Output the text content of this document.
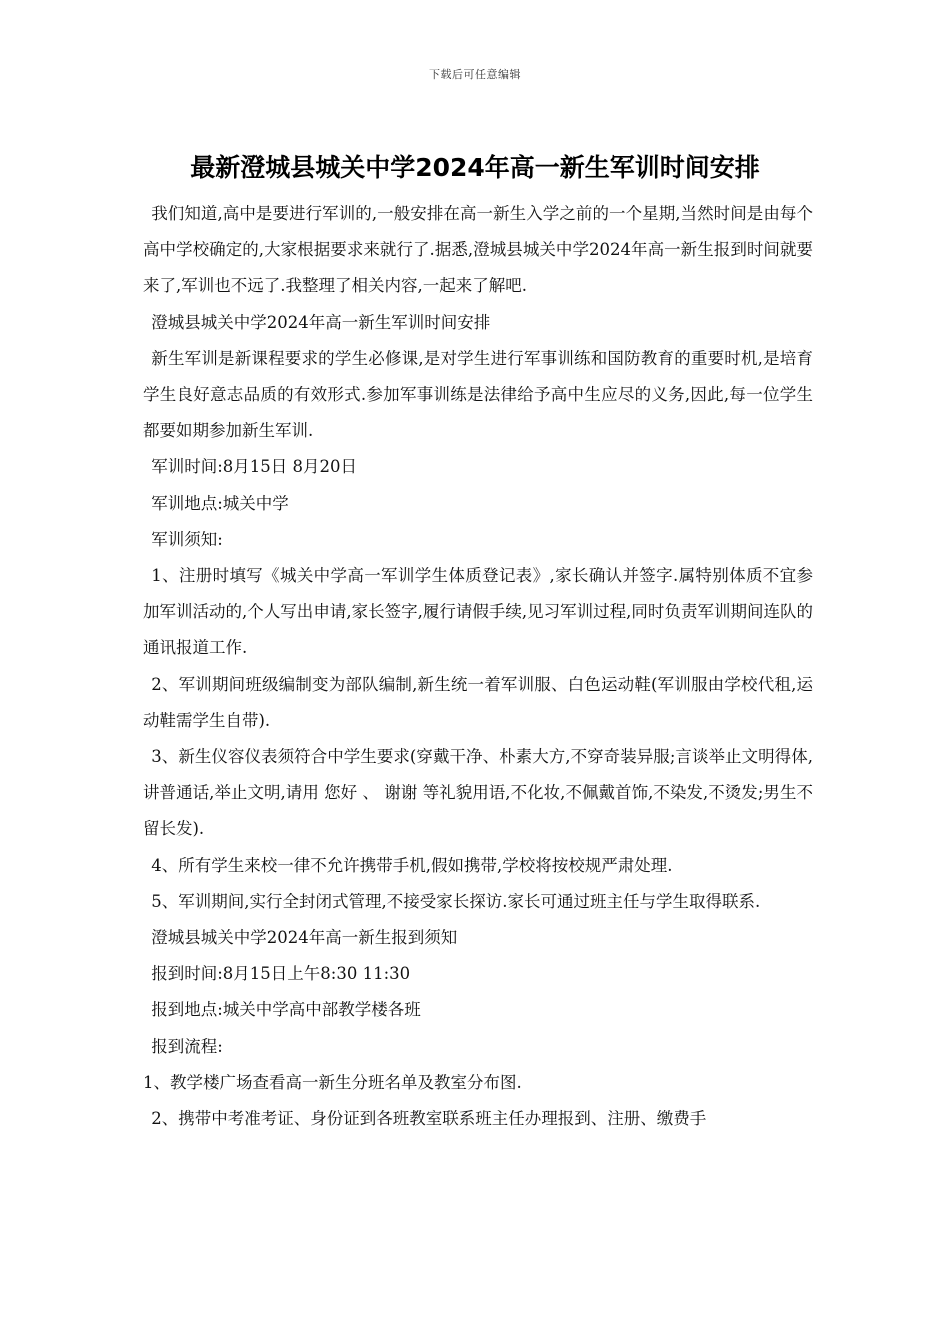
下载后可任意编辑
最新澄城县城关中学2024年高一新生军训时间安排

我们知道,高中是要进行军训的,一般安排在高一新生入学之前的一个星期,当然时间是由每个高中学校确定的,大家根据要求来就行了.据悉,澄城县城关中学2024年高一新生报到时间就要来了,军训也不远了.我整理了相关内容,一起来了解吧.

澄城县城关中学2024年高一新生军训时间安排

新生军训是新课程要求的学生必修课,是对学生进行军事训练和国防教育的重要时机,是培育学生良好意志品质的有效形式.参加军事训练是法律给予高中生应尽的义务,因此,每一位学生都要如期参加新生军训.

军训时间:8月15日 8月20日

军训地点:城关中学

军训须知:

1、注册时填写《城关中学高一军训学生体质登记表》,家长确认并签字.属特别体质不宜参加军训活动的,个人写出申请,家长签字,履行请假手续,见习军训过程,同时负责军训期间连队的通讯报道工作.

2、军训期间班级编制变为部队编制,新生统一着军训服、白色运动鞋(军训服由学校代租,运动鞋需学生自带).

3、新生仪容仪表须符合中学生要求(穿戴干净、朴素大方,不穿奇装异服;言谈举止文明得体,讲普通话,举止文明,请用 您好 、 谢谢 等礼貌用语,不化妆,不佩戴首饰,不染发,不烫发;男生不留长发).

4、所有学生来校一律不允许携带手机,假如携带,学校将按校规严肃处理.

5、军训期间,实行全封闭式管理,不接受家长探访.家长可通过班主任与学生取得联系.

澄城县城关中学2024年高一新生报到须知

报到时间:8月15日上午8:30 11:30

报到地点:城关中学高中部教学楼各班

报到流程:

1、教学楼广场查看高一新生分班名单及教室分布图.

2、携带中考准考证、身份证到各班教室联系班主任办理报到、注册、缴费手
